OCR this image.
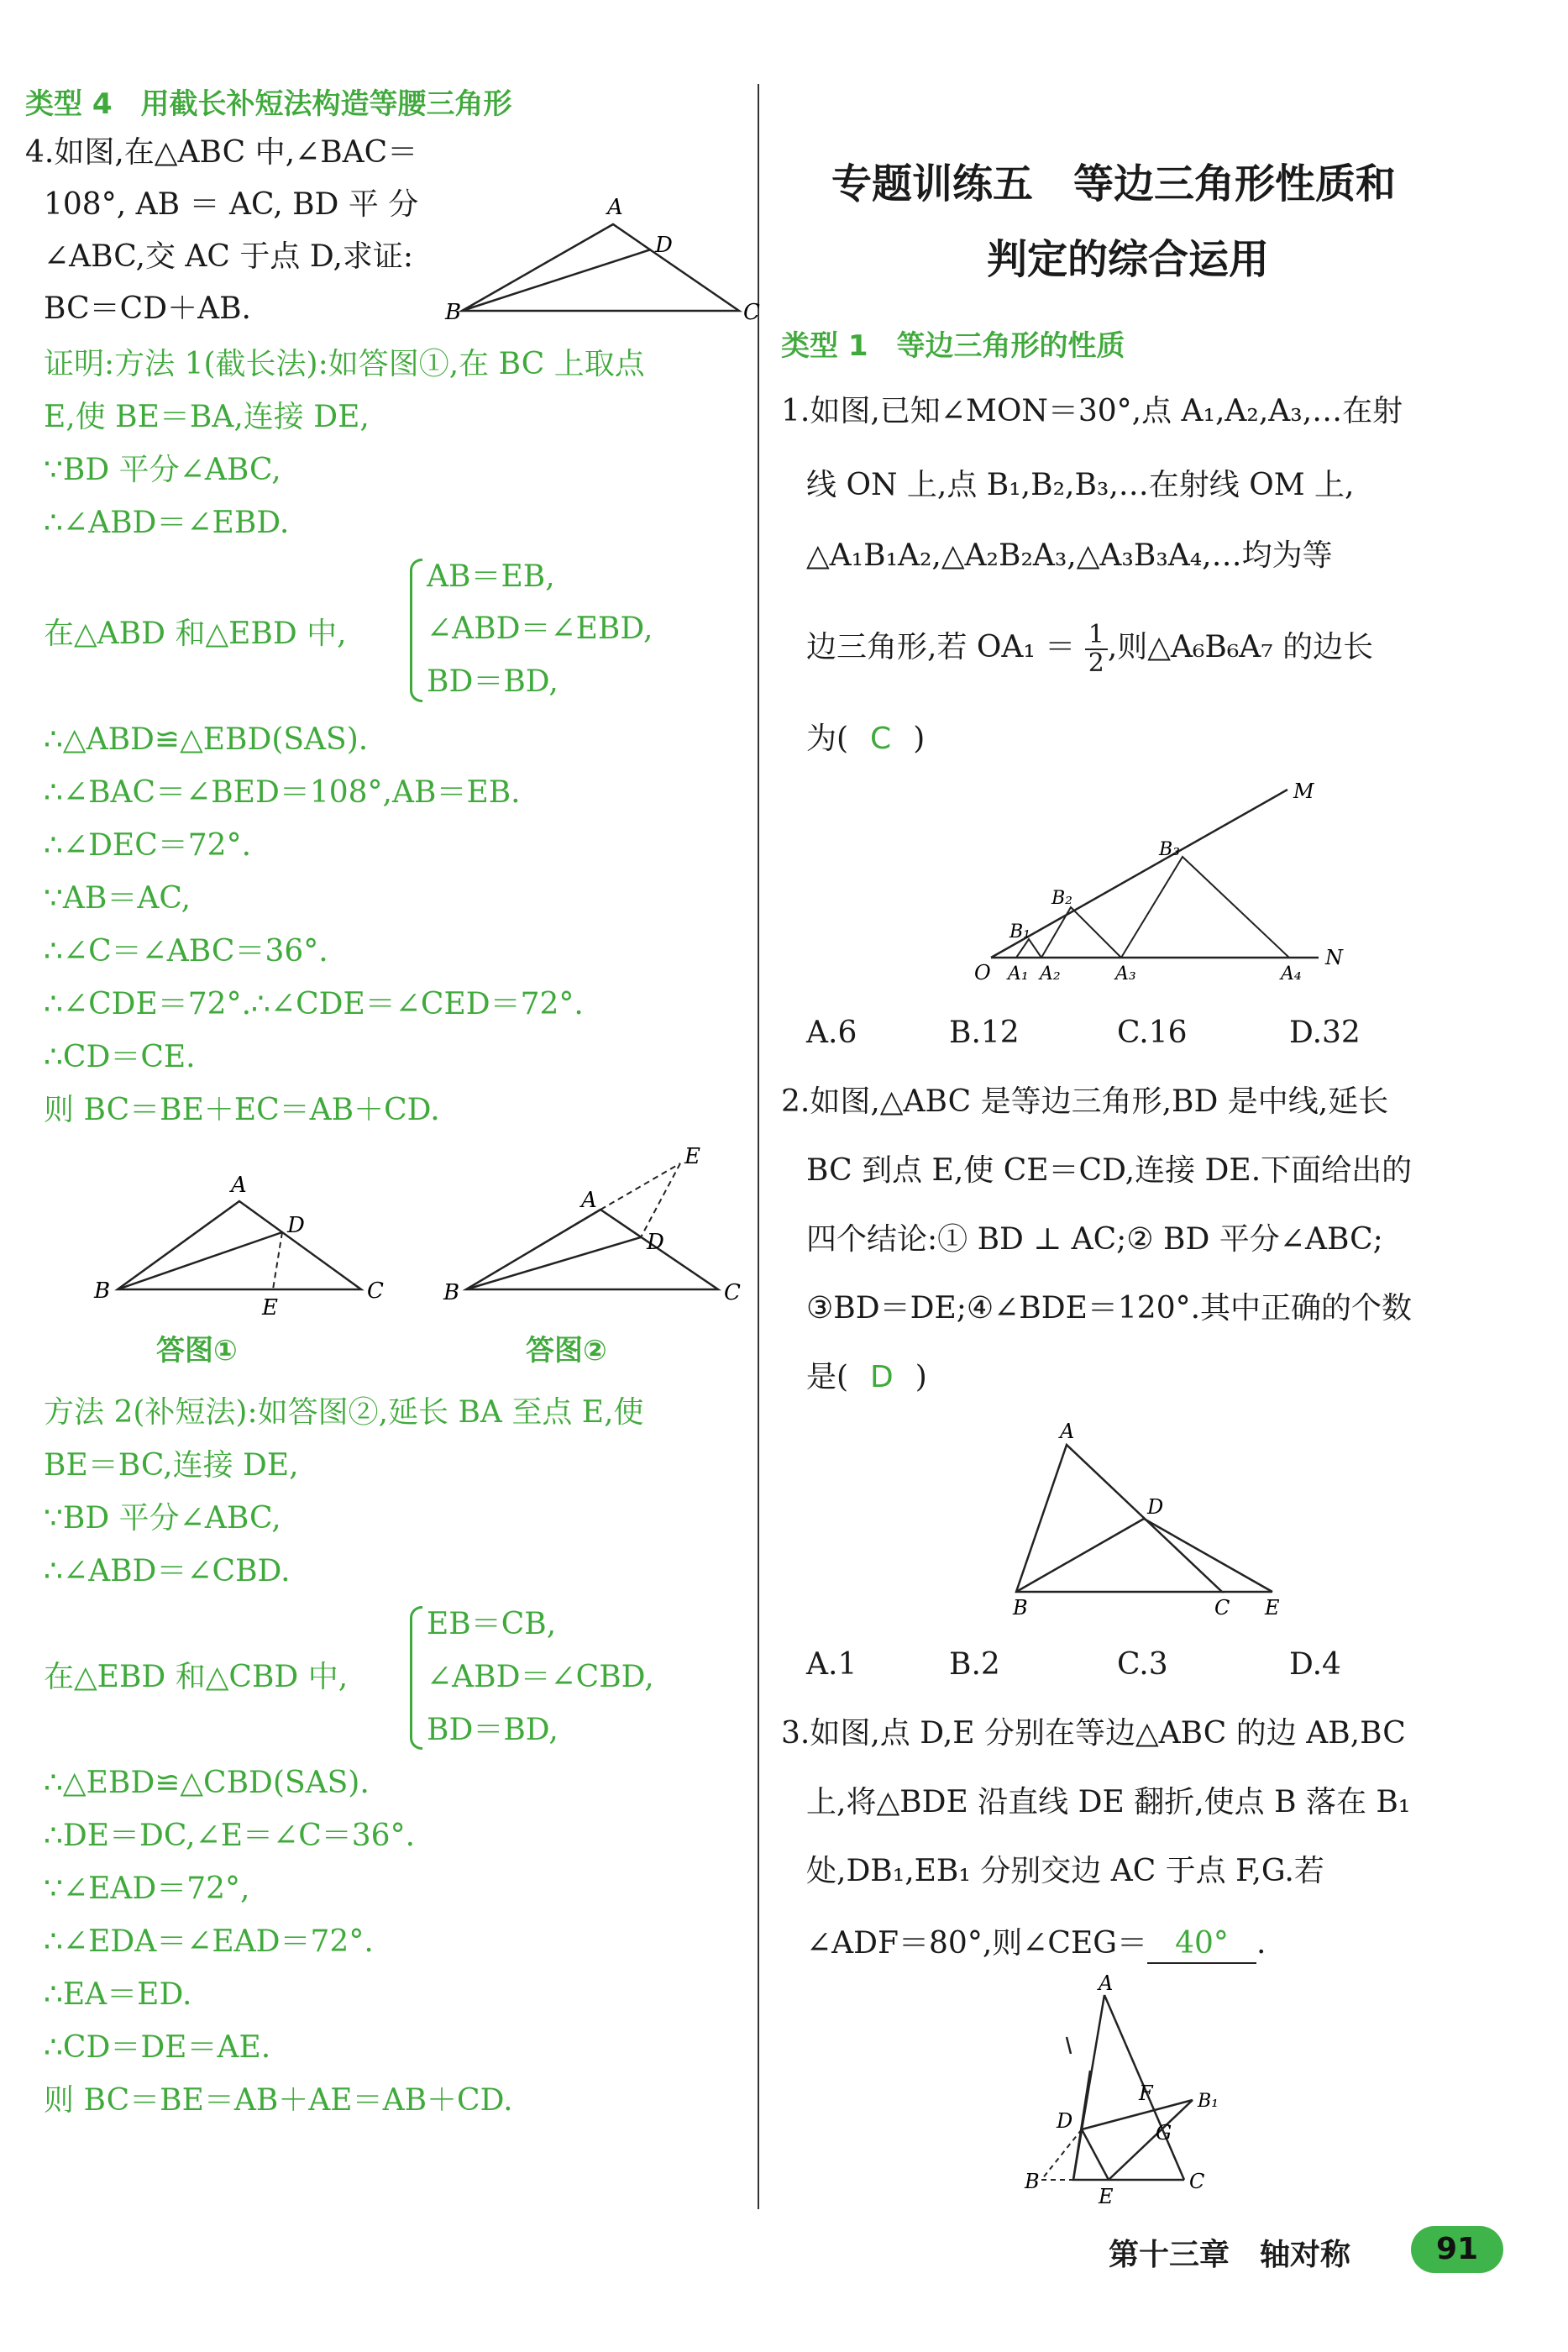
类型 4　用截长补短法构造等腰三角形
4.如图,在△ABC 中,∠BAC＝
108°, AB ＝ AC, BD 平 分
∠ABC,交 AC 于点 D,求证:
BC＝CD＋AB.
A
B	C
D
证明:方法 1(截长法):如答图①,在 BC 上取点
E,使 BE＝BA,连接 DE,
∵BD 平分∠ABC,
∴∠ABD＝∠EBD.
在△ABD 和△EBD 中,
AB＝EB,
∠ABD＝∠EBD,
BD＝BD,
∴△ABD≌△EBD(SAS).
∴∠BAC＝∠BED＝108°,AB＝EB.
∴∠DEC＝72°.
∵AB＝AC,
∴∠C＝∠ABC＝36°.
∴∠CDE＝72°.∴∠CDE＝∠CED＝72°.
∴CD＝CE.
则 BC＝BE＋EC＝AB＋CD.
A
B	C
D
E
答图①
A
B	C
D
E
答图②
方法 2(补短法):如答图②,延长 BA 至点 E,使
BE＝BC,连接 DE,
∵BD 平分∠ABC,
∴∠ABD＝∠CBD.
在△EBD 和△CBD 中,
EB＝CB,
∠ABD＝∠CBD,
BD＝BD,
∴△EBD≌△CBD(SAS).
∴DE＝DC,∠E＝∠C＝36°.
∵∠EAD＝72°,
∴∠EDA＝∠EAD＝72°.
∴EA＝ED.
∴CD＝DE＝AE.
则 BC＝BE＝AB＋AE＝AB＋CD.
专题训练五　等边三角形性质和
判定的综合运用
类型 1　等边三角形的性质
1.如图,已知∠MON＝30°,点 A₁,A₂,A₃,…在射
线 ON 上,点 B₁,B₂,B₃,…在射线 OM 上,
△A₁B₁A₂,△A₂B₂A₃,△A₃B₃A₄,…均为等
边三角形,若 $OA_1 = \frac{1}{2}$ ,则△A₆B₆A₇ 的边长
为( C )
O A₁ A₂	A₃	A₄
N
B₁
B₂
B₃
M
A.6	B.12	C.16	D.32
2.如图,△ABC 是等边三角形,BD 是中线,延长
BC 到点 E,使 CE＝CD,连接 DE.下面给出的
四个结论:① BD ⊥ AC;② BD 平分∠ABC;
③BD＝DE;④∠BDE＝120°.其中正确的个数
是( D )
A
B	C
D
E
A.1	B.2	C.3	D.4
3.如图,点 D,E 分别在等边△ABC 的边 AB,BC
上,将△BDE 沿直线 DE 翻折,使点 B 落在 B₁
处,DB₁,EB₁ 分别交边 AC 于点 F,G.若
∠ADF＝80°,则∠CEG＝ 40° .
A
D
F B₁
G
B
E
C
第十三章　轴对称	91
